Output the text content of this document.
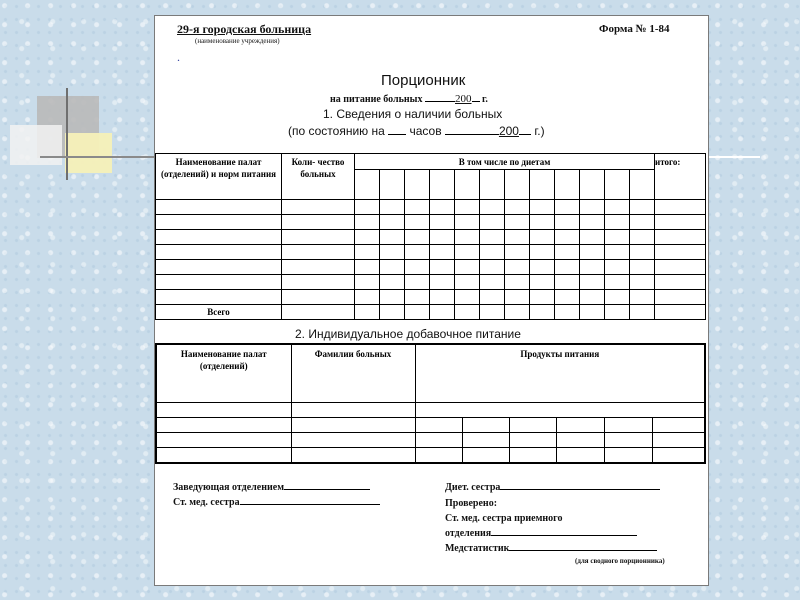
29-я городская больница
(наименование учреждения)
Форма № 1-84
.
Порционник
на питание больных	200 г.
1. Сведения о наличии больных
(по состоянию на часов	200 г.)
Наименование палат (отделений) и норм питания	Коли- чество больных	В том числе по диетам												итого:

Всего														
2. Индивидуальное добавочное питание
Наименование палат (отделений)	Фамилии больных	Продукты питания					

Заведующая отделением
Ст. мед. сестра
Диет. сестра
Проверено:
Ст. мед. сестра приемного
отделения
Медстатистик
(для сводного порционника)
